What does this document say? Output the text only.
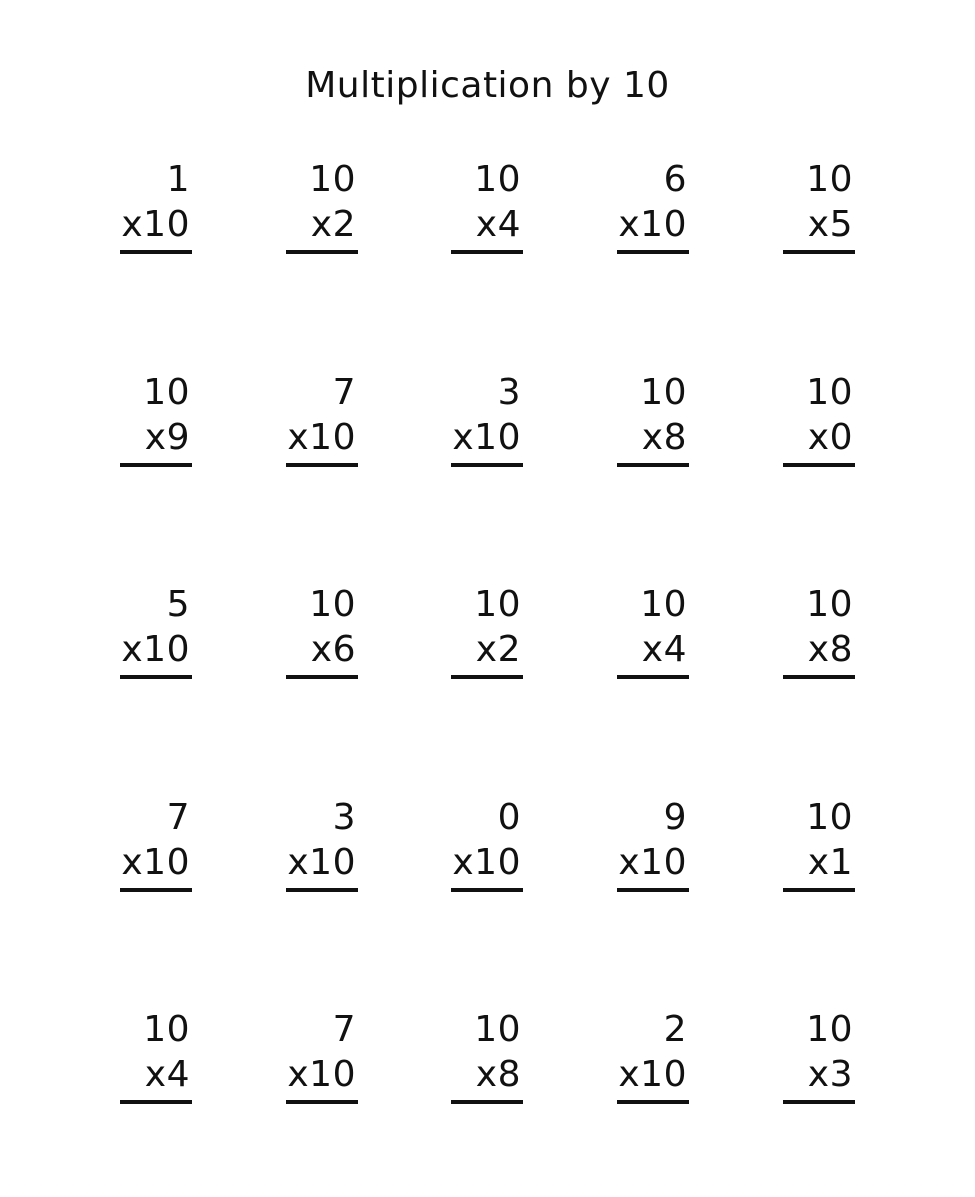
Multiplication by 10
1
x10
10
x2
10
x4
6
x10
10
x5
10
x9
7
x10
3
x10
10
x8
10
x0
5
x10
10
x6
10
x2
10
x4
10
x8
7
x10
3
x10
0
x10
9
x10
10
x1
10
x4
7
x10
10
x8
2
x10
10
x3
